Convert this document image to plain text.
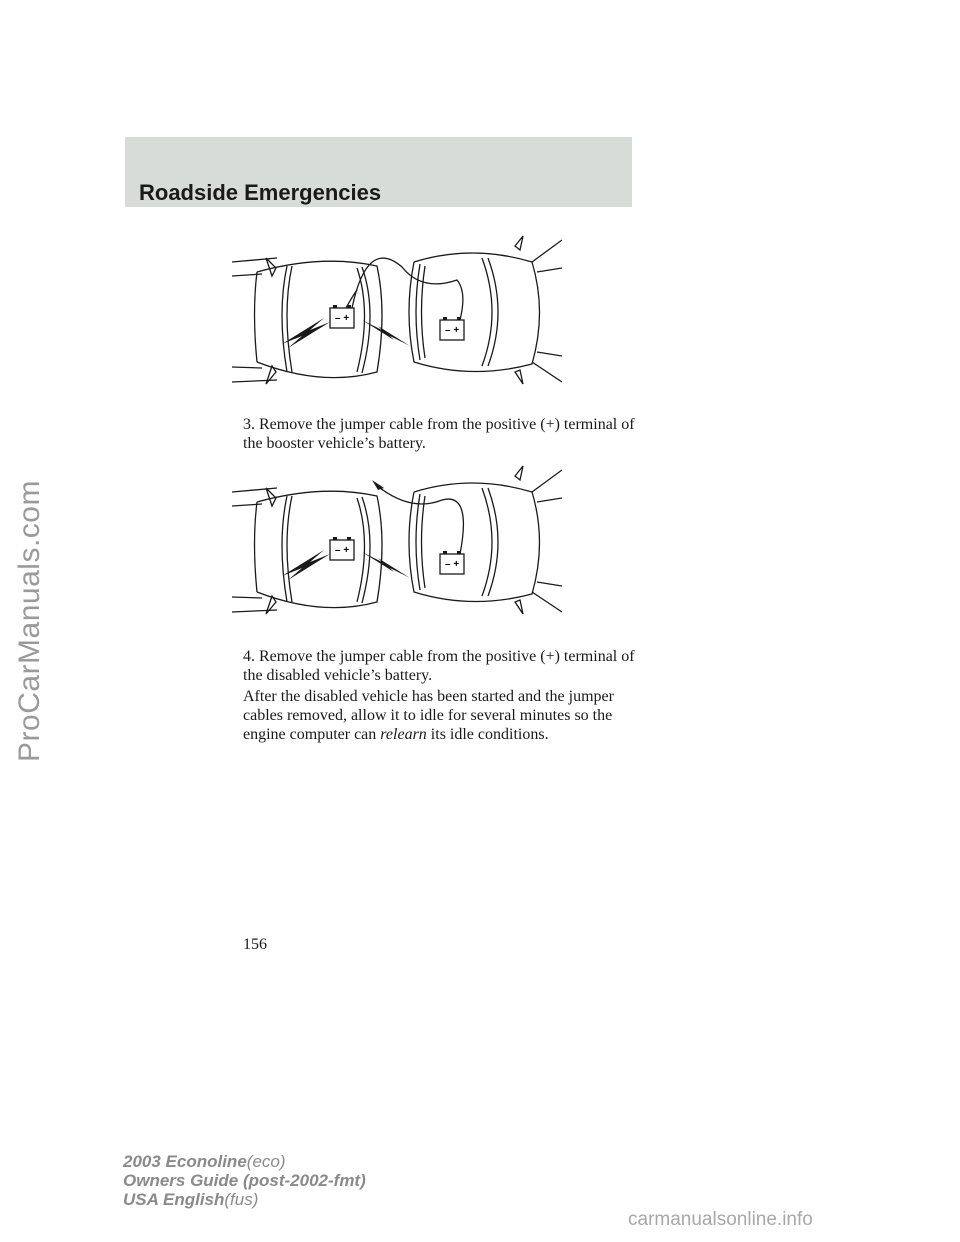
ProCarManuals.com
Roadside Emergencies
– +
– +
3. Remove the jumper cable from the positive (+) terminal of the booster vehicle’s battery.
– +
– +
4. Remove the jumper cable from the positive (+) terminal of the disabled vehicle’s battery.
After the disabled vehicle has been started and the jumper cables removed, allow it to idle for several minutes so the engine computer can relearn its idle conditions.
156
2003 Econoline(eco)
Owners Guide (post-2002-fmt)
USA English(fus)
carmanualsonline.info
